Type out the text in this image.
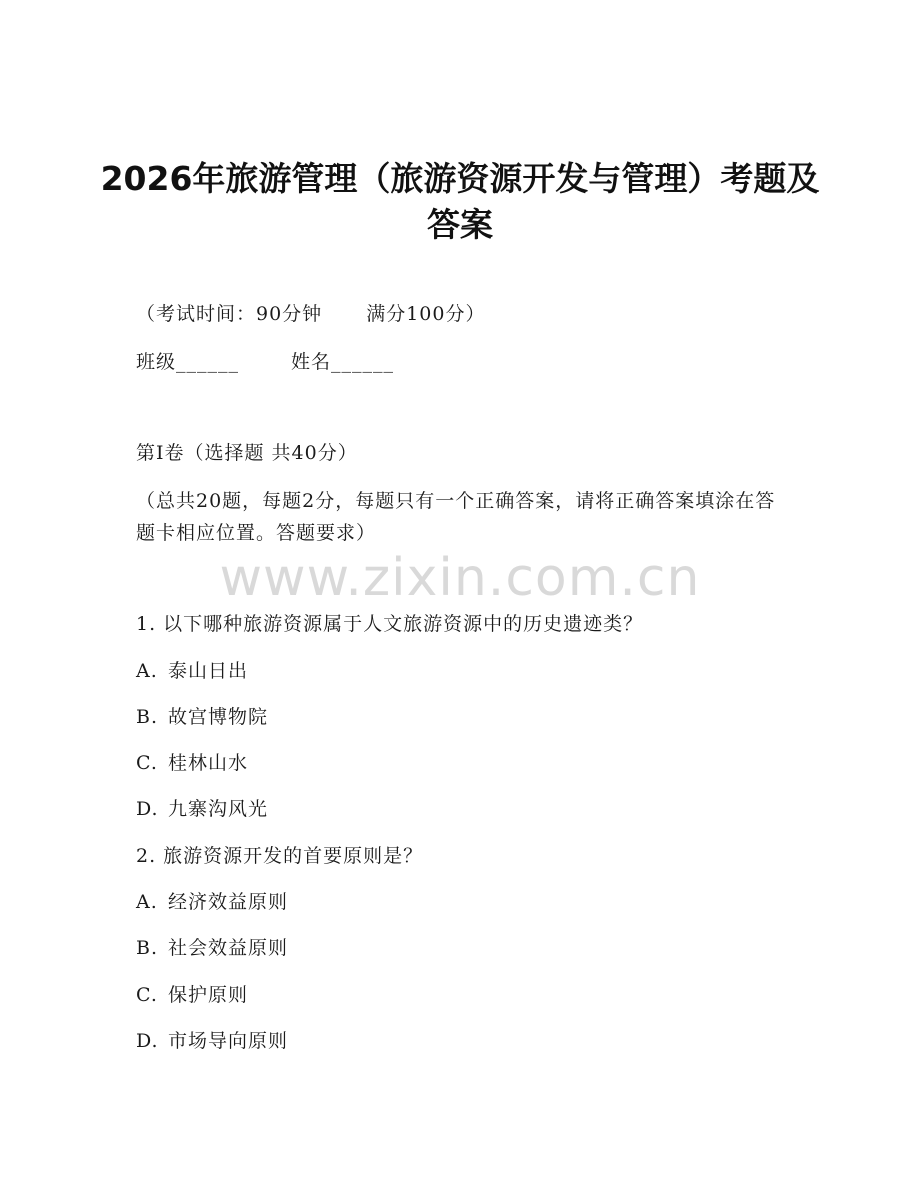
2026年旅游管理（旅游资源开发与管理）考题及答案
（考试时间：90分钟 满分100分）
班级______	姓名______
第Ⅰ卷（选择题 共40分）
（总共20题，每题2分，每题只有一个正确答案，请将正确答案填涂在答题卡相应位置。答题要求）
www.zixin.com.cn
1. 以下哪种旅游资源属于人文旅游资源中的历史遗迹类？
A. 泰山日出
B. 故宫博物院
C. 桂林山水
D. 九寨沟风光
2. 旅游资源开发的首要原则是？
A. 经济效益原则
B. 社会效益原则
C. 保护原则
D. 市场导向原则
